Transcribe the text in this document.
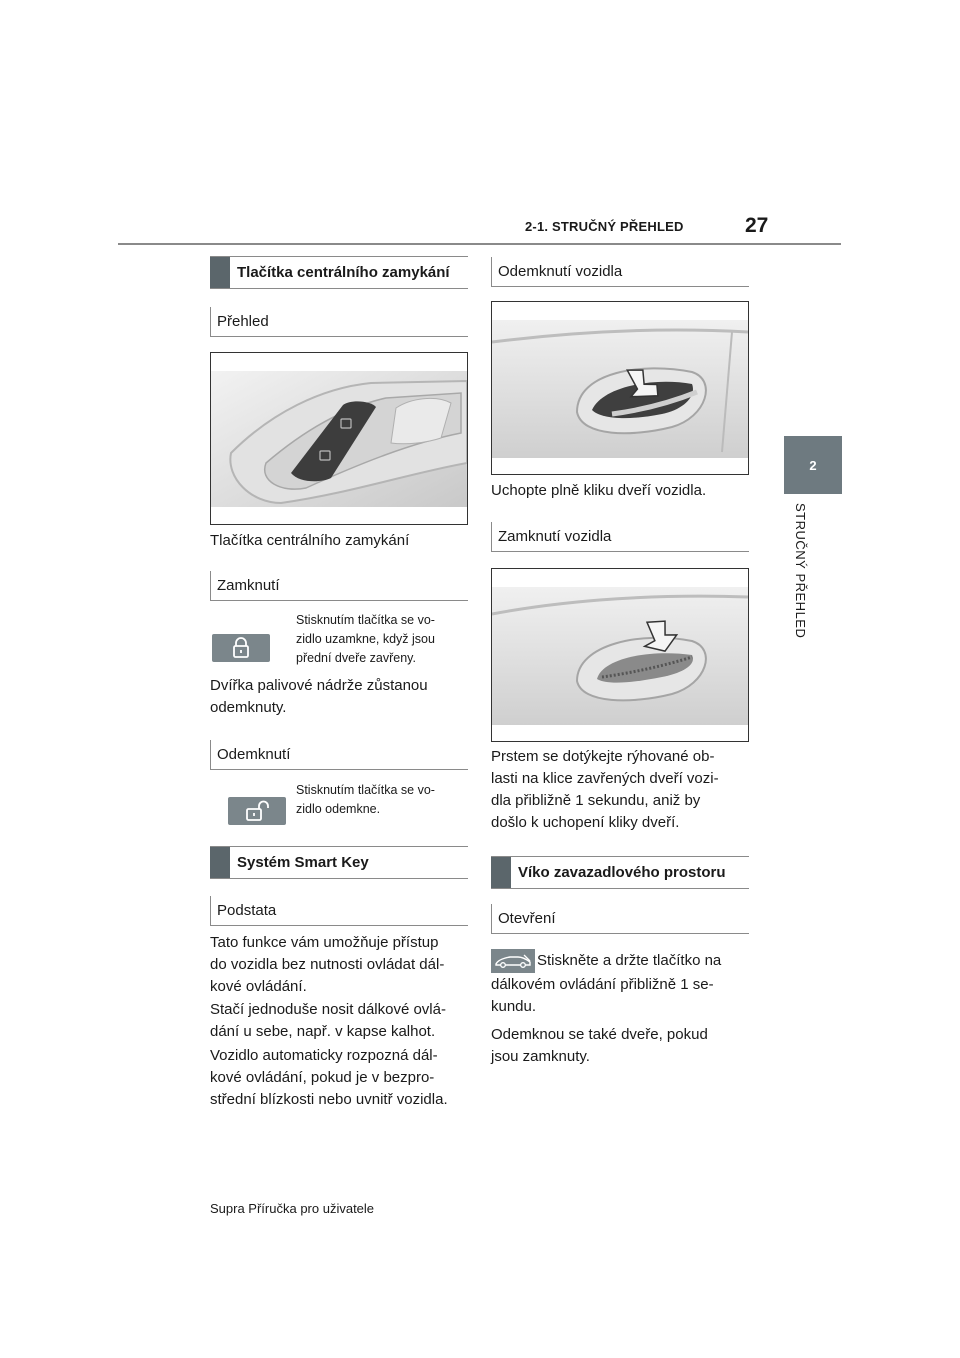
2-1. STRUČNÝ PŘEHLED	27
2
STRUČNÝ PŘEHLED
Tlačítka centrálního zamykání
Přehled
Tlačítka centrálního zamykání
Zamknutí
Stisknutím tlačítka se vo-
zidlo uzamkne, když jsou
přední dveře zavřeny.
Dvířka palivové nádrže zůstanou
odemknuty.
Odemknutí
Stisknutím tlačítka se vo-
zidlo odemkne.
Systém Smart Key
Podstata
Tato funkce vám umožňuje přístup
do vozidla bez nutnosti ovládat dál-
kové ovládání.
Stačí jednoduše nosit dálkové ovlá-
dání u sebe, např. v kapse kalhot.
Vozidlo automaticky rozpozná dál-
kové ovládání, pokud je v bezpro-
střední blízkosti nebo uvnitř vozidla.
Odemknutí vozidla
Uchopte plně kliku dveří vozidla.
Zamknutí vozidla
Prstem se dotýkejte rýhované ob-
lasti na klice zavřených dveří vozi-
dla přibližně 1 sekundu, aniž by
došlo k uchopení kliky dveří.
Víko zavazadlového prostoru
Otevření
Stiskněte a držte tlačítko na
dálkovém ovládání přibližně 1 se-
kundu.
Odemknou se také dveře, pokud
jsou zamknuty.
Supra Příručka pro uživatele
